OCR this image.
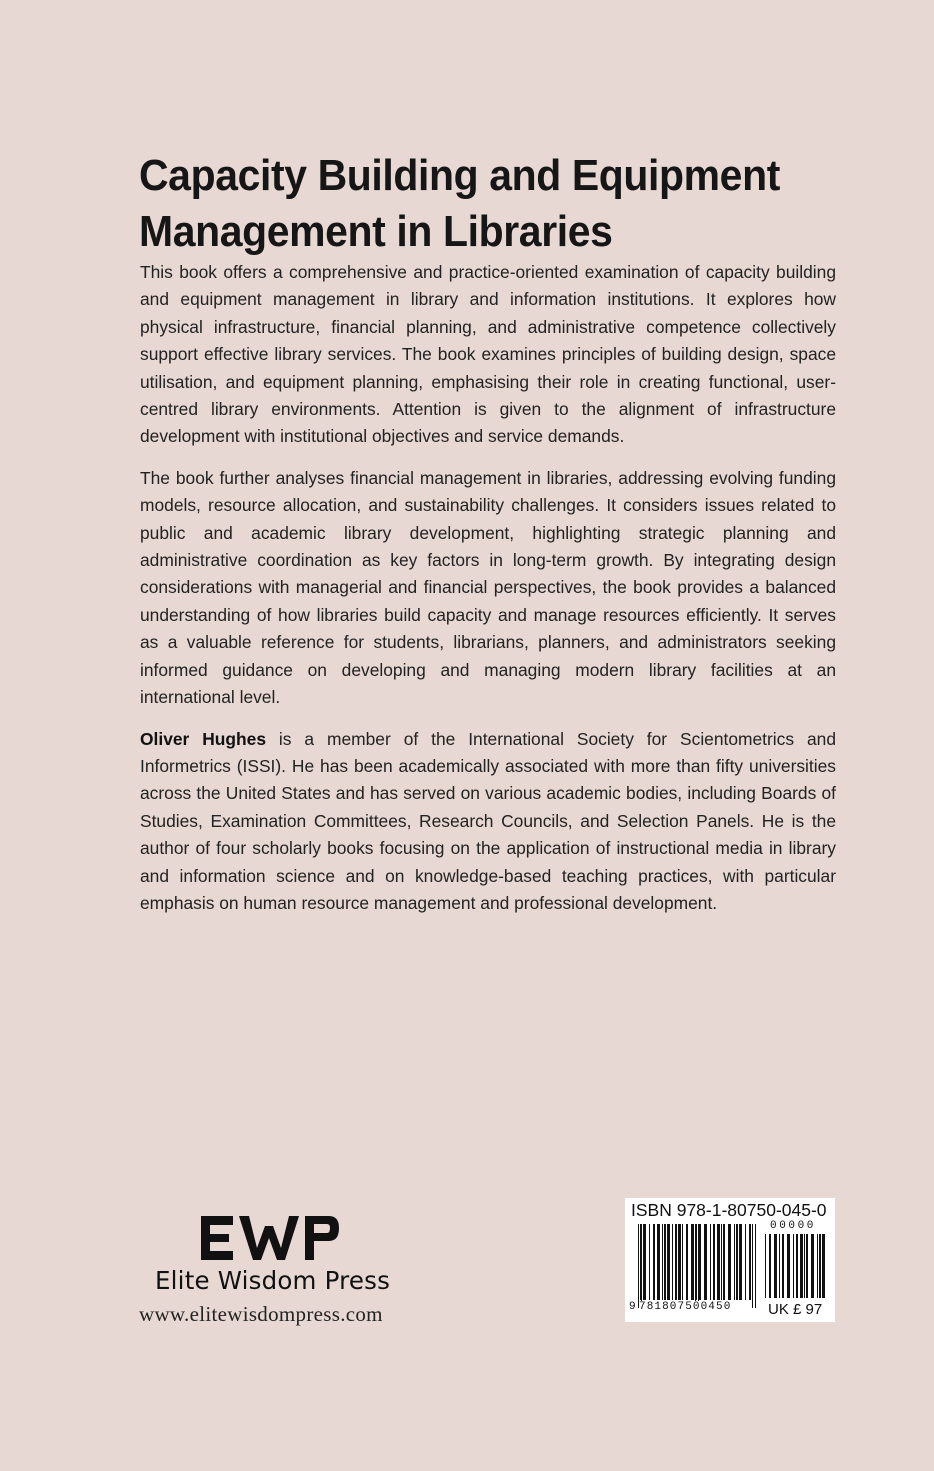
Capacity Building and Equipment
Management in Libraries

This book offers a comprehensive and practice-oriented examination of capacity building and equipment management in library and information institutions. It explores how physical infrastructure, financial planning, and administrative competence collectively support effective library services. The book examines principles of building design, space utilisation, and equipment planning, emphasising their role in creating functional, user-centred library environments. Attention is given to the alignment of infrastructure development with institutional objectives and service demands.

The book further analyses financial management in libraries, addressing evolving funding models, resource allocation, and sustainability challenges. It considers issues related to public and academic library development, highlighting strategic planning and administrative coordination as key factors in long-term growth. By integrating design considerations with managerial and financial perspectives, the book provides a balanced understanding of how libraries build capacity and manage resources efficiently. It serves as a valuable reference for students, librarians, planners, and administrators seeking informed guidance on developing and managing modern library facilities at an international level.

Oliver Hughes is a member of the International Society for Scientometrics and Informetrics (ISSI). He has been academically associated with more than fifty universities across the United States and has served on various academic bodies, including Boards of Studies, Examination Committees, Research Councils, and Selection Panels. He is the author of four scholarly books focusing on the application of instructional media in library and information science and on knowledge-based teaching practices, with particular emphasis on human resource management and professional development.

Elite Wisdom Press
www.elitewisdompress.com
ISBN 978-1-80750-045-0
9 781807500450
00000
UK £ 97
